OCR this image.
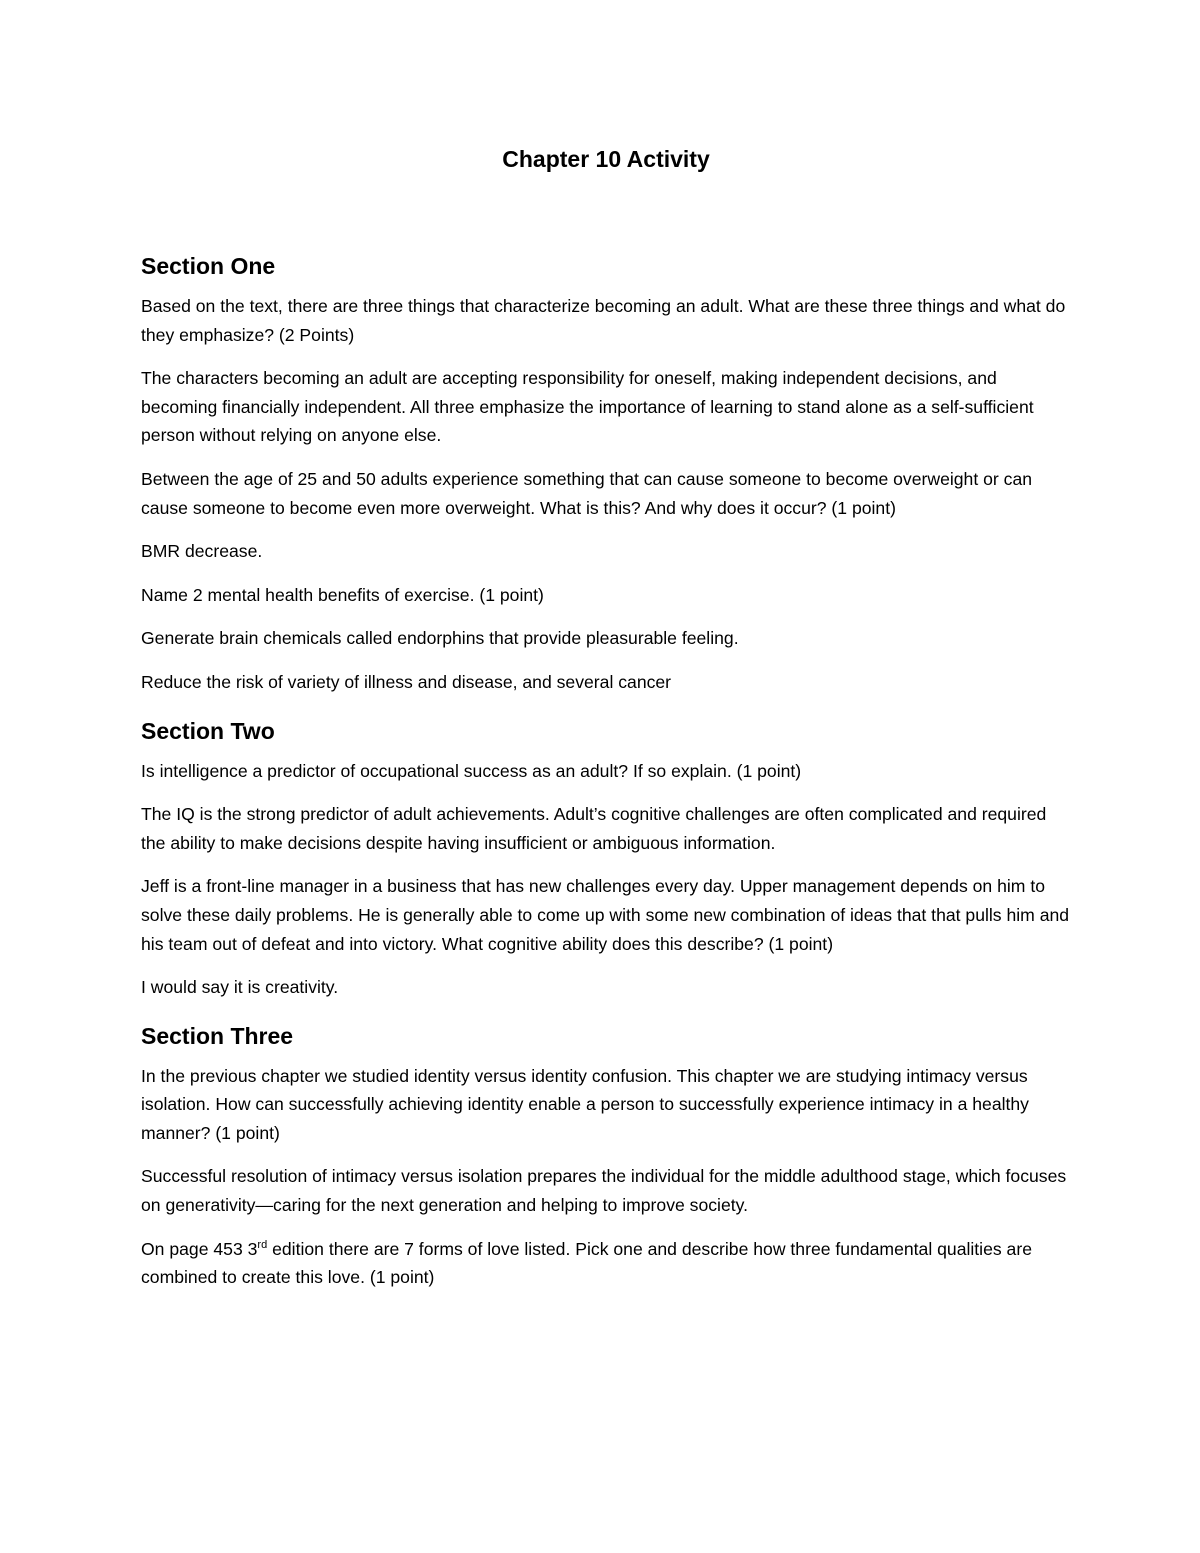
Chapter 10 Activity
Section One

Based on the text, there are three things that characterize becoming an adult. What are these three things and what do they emphasize? (2 Points)

The characters becoming an adult are accepting responsibility for oneself, making independent decisions, and becoming financially independent. All three emphasize the importance of learning to stand alone as a self-sufficient person without relying on anyone else.

Between the age of 25 and 50 adults experience something that can cause someone to become overweight or can cause someone to become even more overweight. What is this? And why does it occur? (1 point)

BMR decrease.

Name 2 mental health benefits of exercise. (1 point)

Generate brain chemicals called endorphins that provide pleasurable feeling.

Reduce the risk of variety of illness and disease, and several cancer

Section Two

Is intelligence a predictor of occupational success as an adult? If so explain. (1 point)

The IQ is the strong predictor of adult achievements. Adult’s cognitive challenges are often complicated and required the ability to make decisions despite having insufficient or ambiguous information.

Jeff is a front-line manager in a business that has new challenges every day. Upper management depends on him to solve these daily problems. He is generally able to come up with some new combination of ideas that that pulls him and his team out of defeat and into victory. What cognitive ability does this describe? (1 point)

I would say it is creativity.

Section Three

In the previous chapter we studied identity versus identity confusion. This chapter we are studying intimacy versus isolation. How can successfully achieving identity enable a person to successfully experience intimacy in a healthy manner? (1 point)

Successful resolution of intimacy versus isolation prepares the individual for the middle adulthood stage, which focuses on generativity—caring for the next generation and helping to improve society.

On page 453 3rd edition there are 7 forms of love listed. Pick one and describe how three fundamental qualities are combined to create this love. (1 point)
